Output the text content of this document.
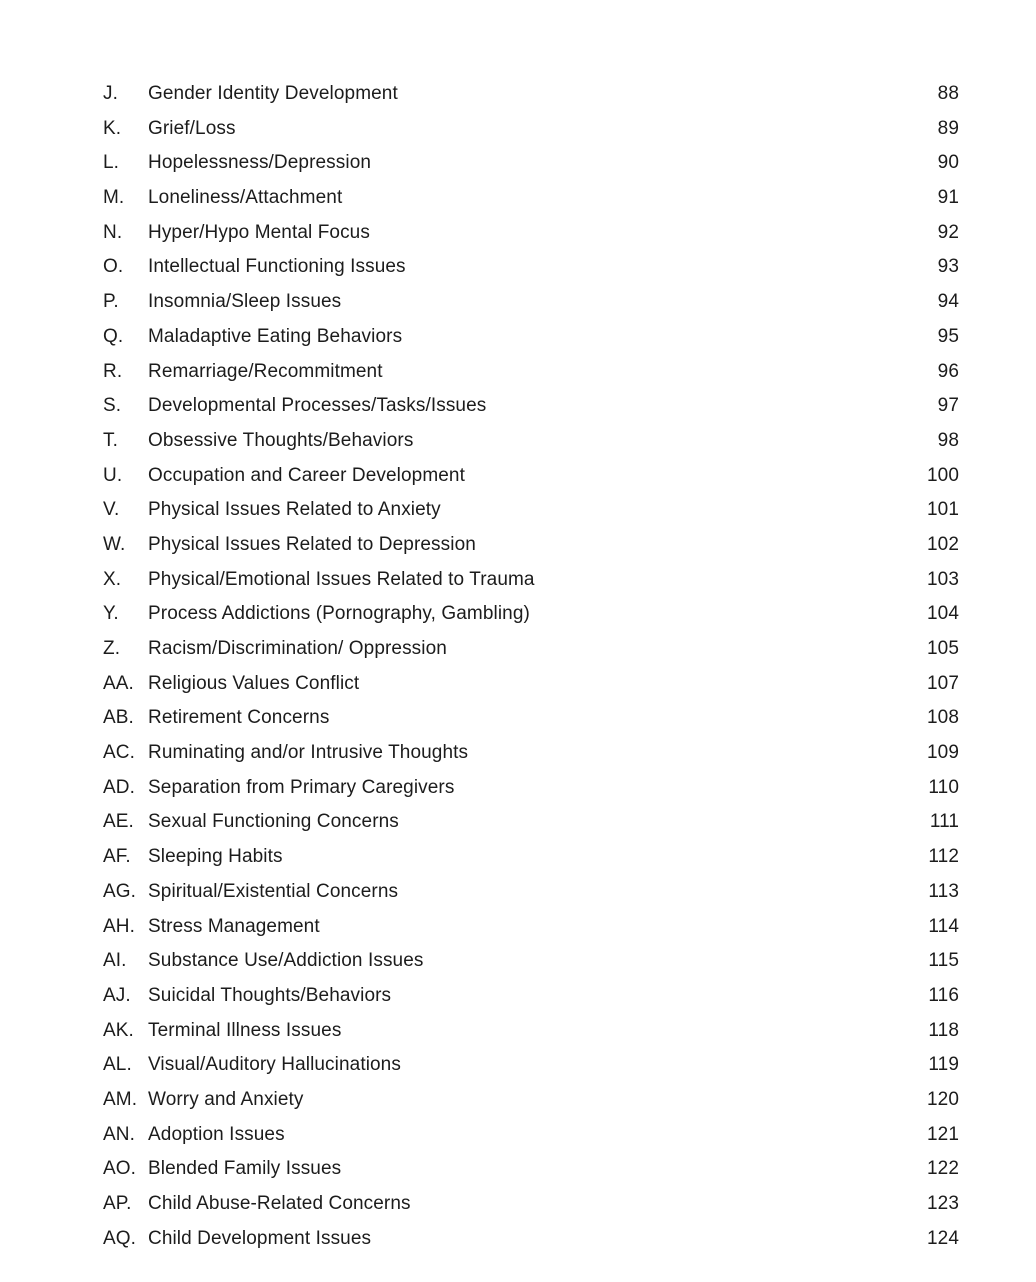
J. Gender Identity Development	88
K. Grief/Loss	89
L. Hopelessness/Depression	90
M. Loneliness/Attachment	91
N. Hyper/Hypo Mental Focus	92
O. Intellectual Functioning Issues	93
P. Insomnia/Sleep Issues	94
Q. Maladaptive Eating Behaviors	95
R. Remarriage/Recommitment	96
S. Developmental Processes/Tasks/Issues	97
T. Obsessive Thoughts/Behaviors	98
U. Occupation and Career Development	100
V. Physical Issues Related to Anxiety	101
W. Physical Issues Related to Depression	102
X. Physical/Emotional Issues Related to Trauma	103
Y. Process Addictions (Pornography, Gambling)	104
Z. Racism/Discrimination/ Oppression	105
AA. Religious Values Conflict	107
AB. Retirement Concerns	108
AC. Ruminating and/or Intrusive Thoughts	109
AD. Separation from Primary Caregivers	110
AE. Sexual Functioning Concerns	111
AF. Sleeping Habits	112
AG. Spiritual/Existential Concerns	113
AH. Stress Management	114
AI. Substance Use/Addiction Issues	115
AJ. Suicidal Thoughts/Behaviors	116
AK. Terminal Illness Issues	118
AL. Visual/Auditory Hallucinations	119
AM. Worry and Anxiety	120
AN. Adoption Issues	121
AO. Blended Family Issues	122
AP. Child Abuse-Related Concerns	123
AQ. Child Development Issues	124
